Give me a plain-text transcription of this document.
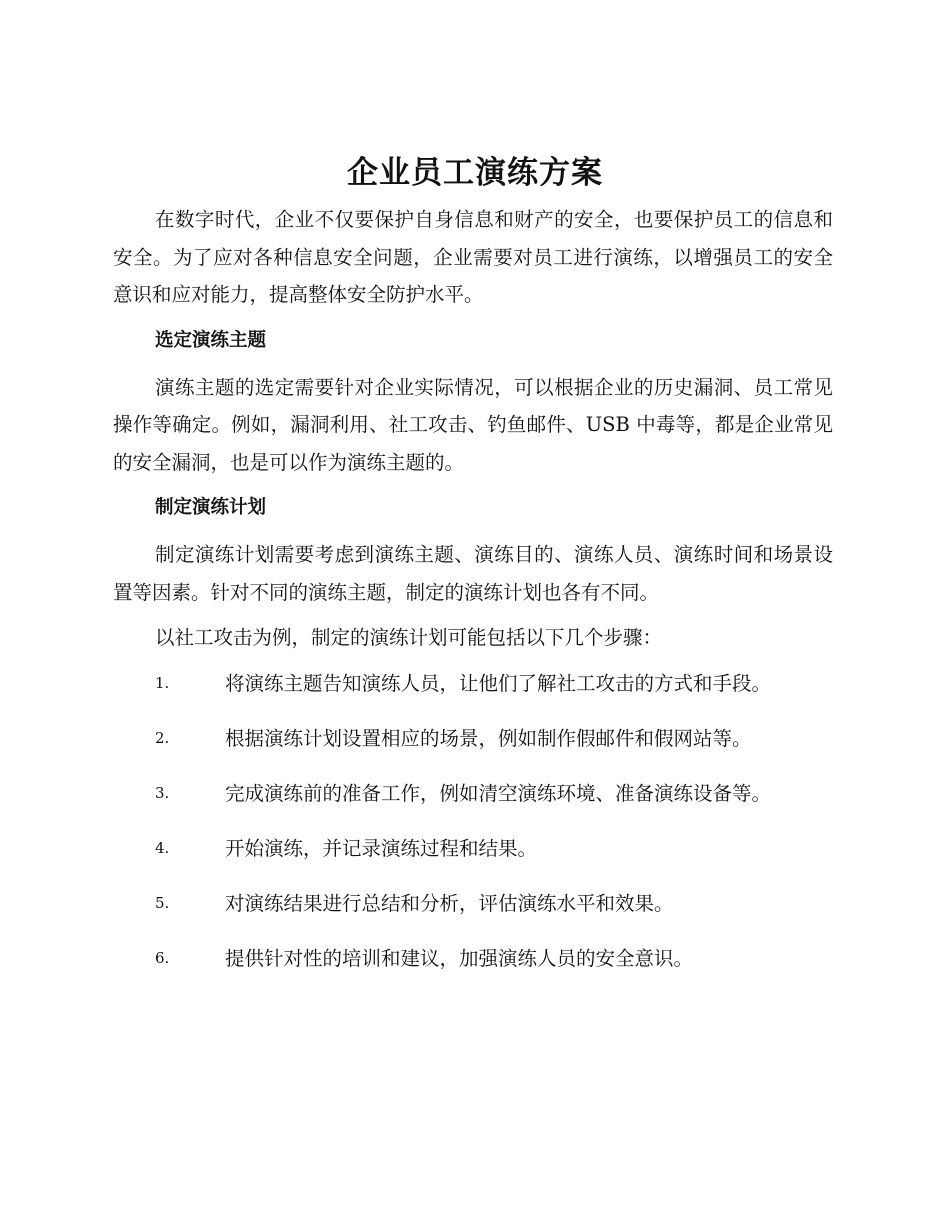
企业员工演练方案

在数字时代，企业不仅要保护自身信息和财产的安全，也要保护员工的信息和安全。为了应对各种信息安全问题，企业需要对员工进行演练，以增强员工的安全意识和应对能力，提高整体安全防护水平。

选定演练主题

演练主题的选定需要针对企业实际情况，可以根据企业的历史漏洞、员工常见操作等确定。例如，漏洞利用、社工攻击、钓鱼邮件、USB 中毒等，都是企业常见的安全漏洞，也是可以作为演练主题的。

制定演练计划

制定演练计划需要考虑到演练主题、演练目的、演练人员、演练时间和场景设置等因素。针对不同的演练主题，制定的演练计划也各有不同。

以社工攻击为例，制定的演练计划可能包括以下几个步骤：

1.	将演练主题告知演练人员，让他们了解社工攻击的方式和手段。
2.	根据演练计划设置相应的场景，例如制作假邮件和假网站等。
3.	完成演练前的准备工作，例如清空演练环境、准备演练设备等。
4.	开始演练，并记录演练过程和结果。
5.	对演练结果进行总结和分析，评估演练水平和效果。
6.	提供针对性的培训和建议，加强演练人员的安全意识。
